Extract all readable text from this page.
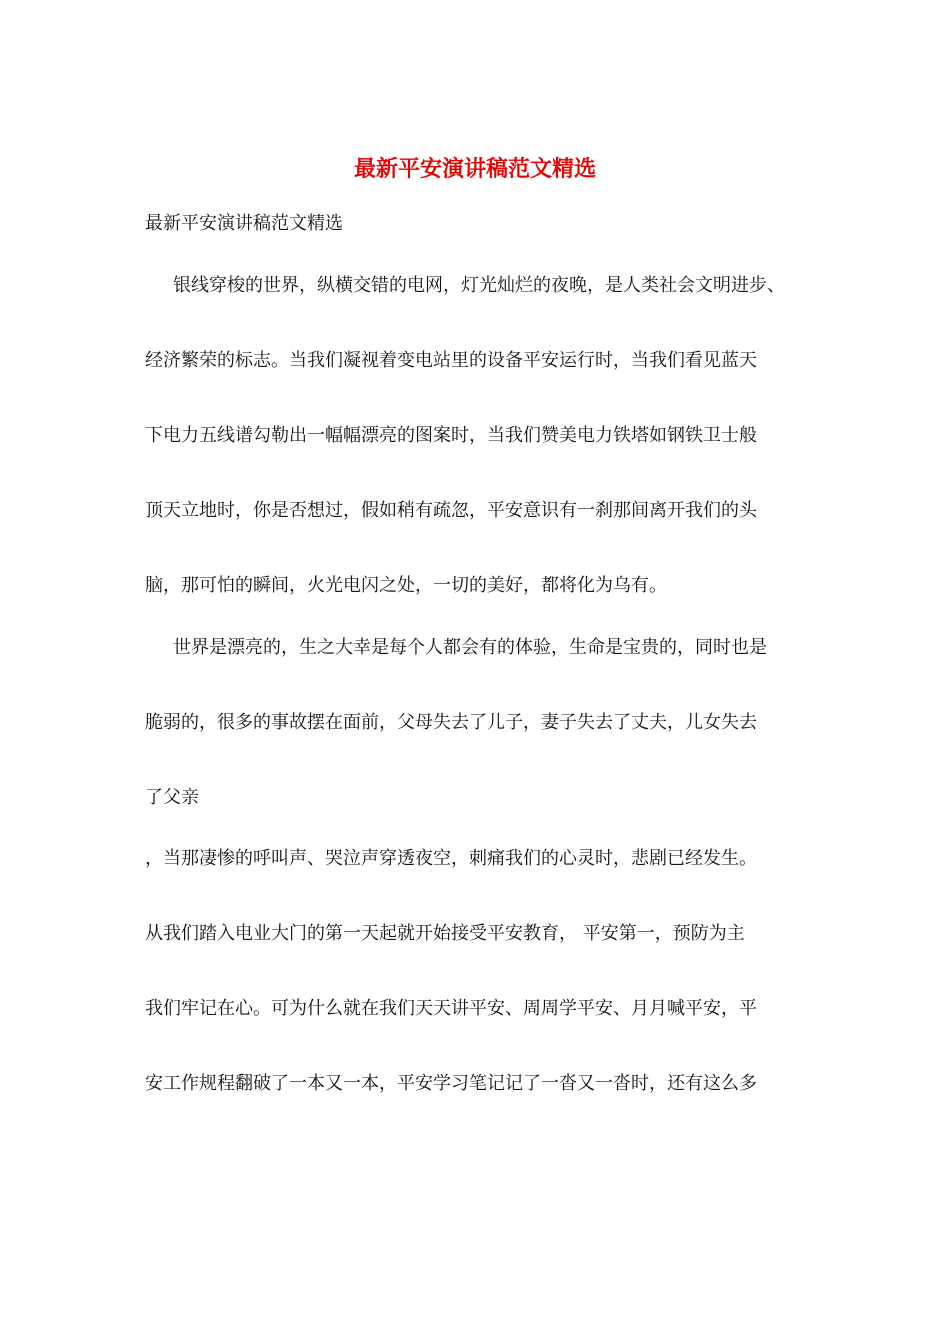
最新平安演讲稿范文精选
最新平安演讲稿范文精选
银线穿梭的世界，纵横交错的电网，灯光灿烂的夜晚，是人类社会文明进步、
经济繁荣的标志。当我们凝视着变电站里的设备平安运行时，当我们看见蓝天
下电力五线谱勾勒出一幅幅漂亮的图案时，当我们赞美电力铁塔如钢铁卫士般
顶天立地时，你是否想过，假如稍有疏忽，平安意识有一刹那间离开我们的头
脑，那可怕的瞬间，火光电闪之处，一切的美好，都将化为乌有。
世界是漂亮的，生之大幸是每个人都会有的体验，生命是宝贵的，同时也是
脆弱的，很多的事故摆在面前，父母失去了儿子，妻子失去了丈夫，儿女失去
了父亲
，当那凄惨的呼叫声、哭泣声穿透夜空，刺痛我们的心灵时，悲剧已经发生。
从我们踏入电业大门的第一天起就开始接受平安教育， 平安第一，预防为主
我们牢记在心。可为什么就在我们天天讲平安、周周学平安、月月喊平安，平
安工作规程翻破了一本又一本，平安学习笔记记了一沓又一沓时，还有这么多
